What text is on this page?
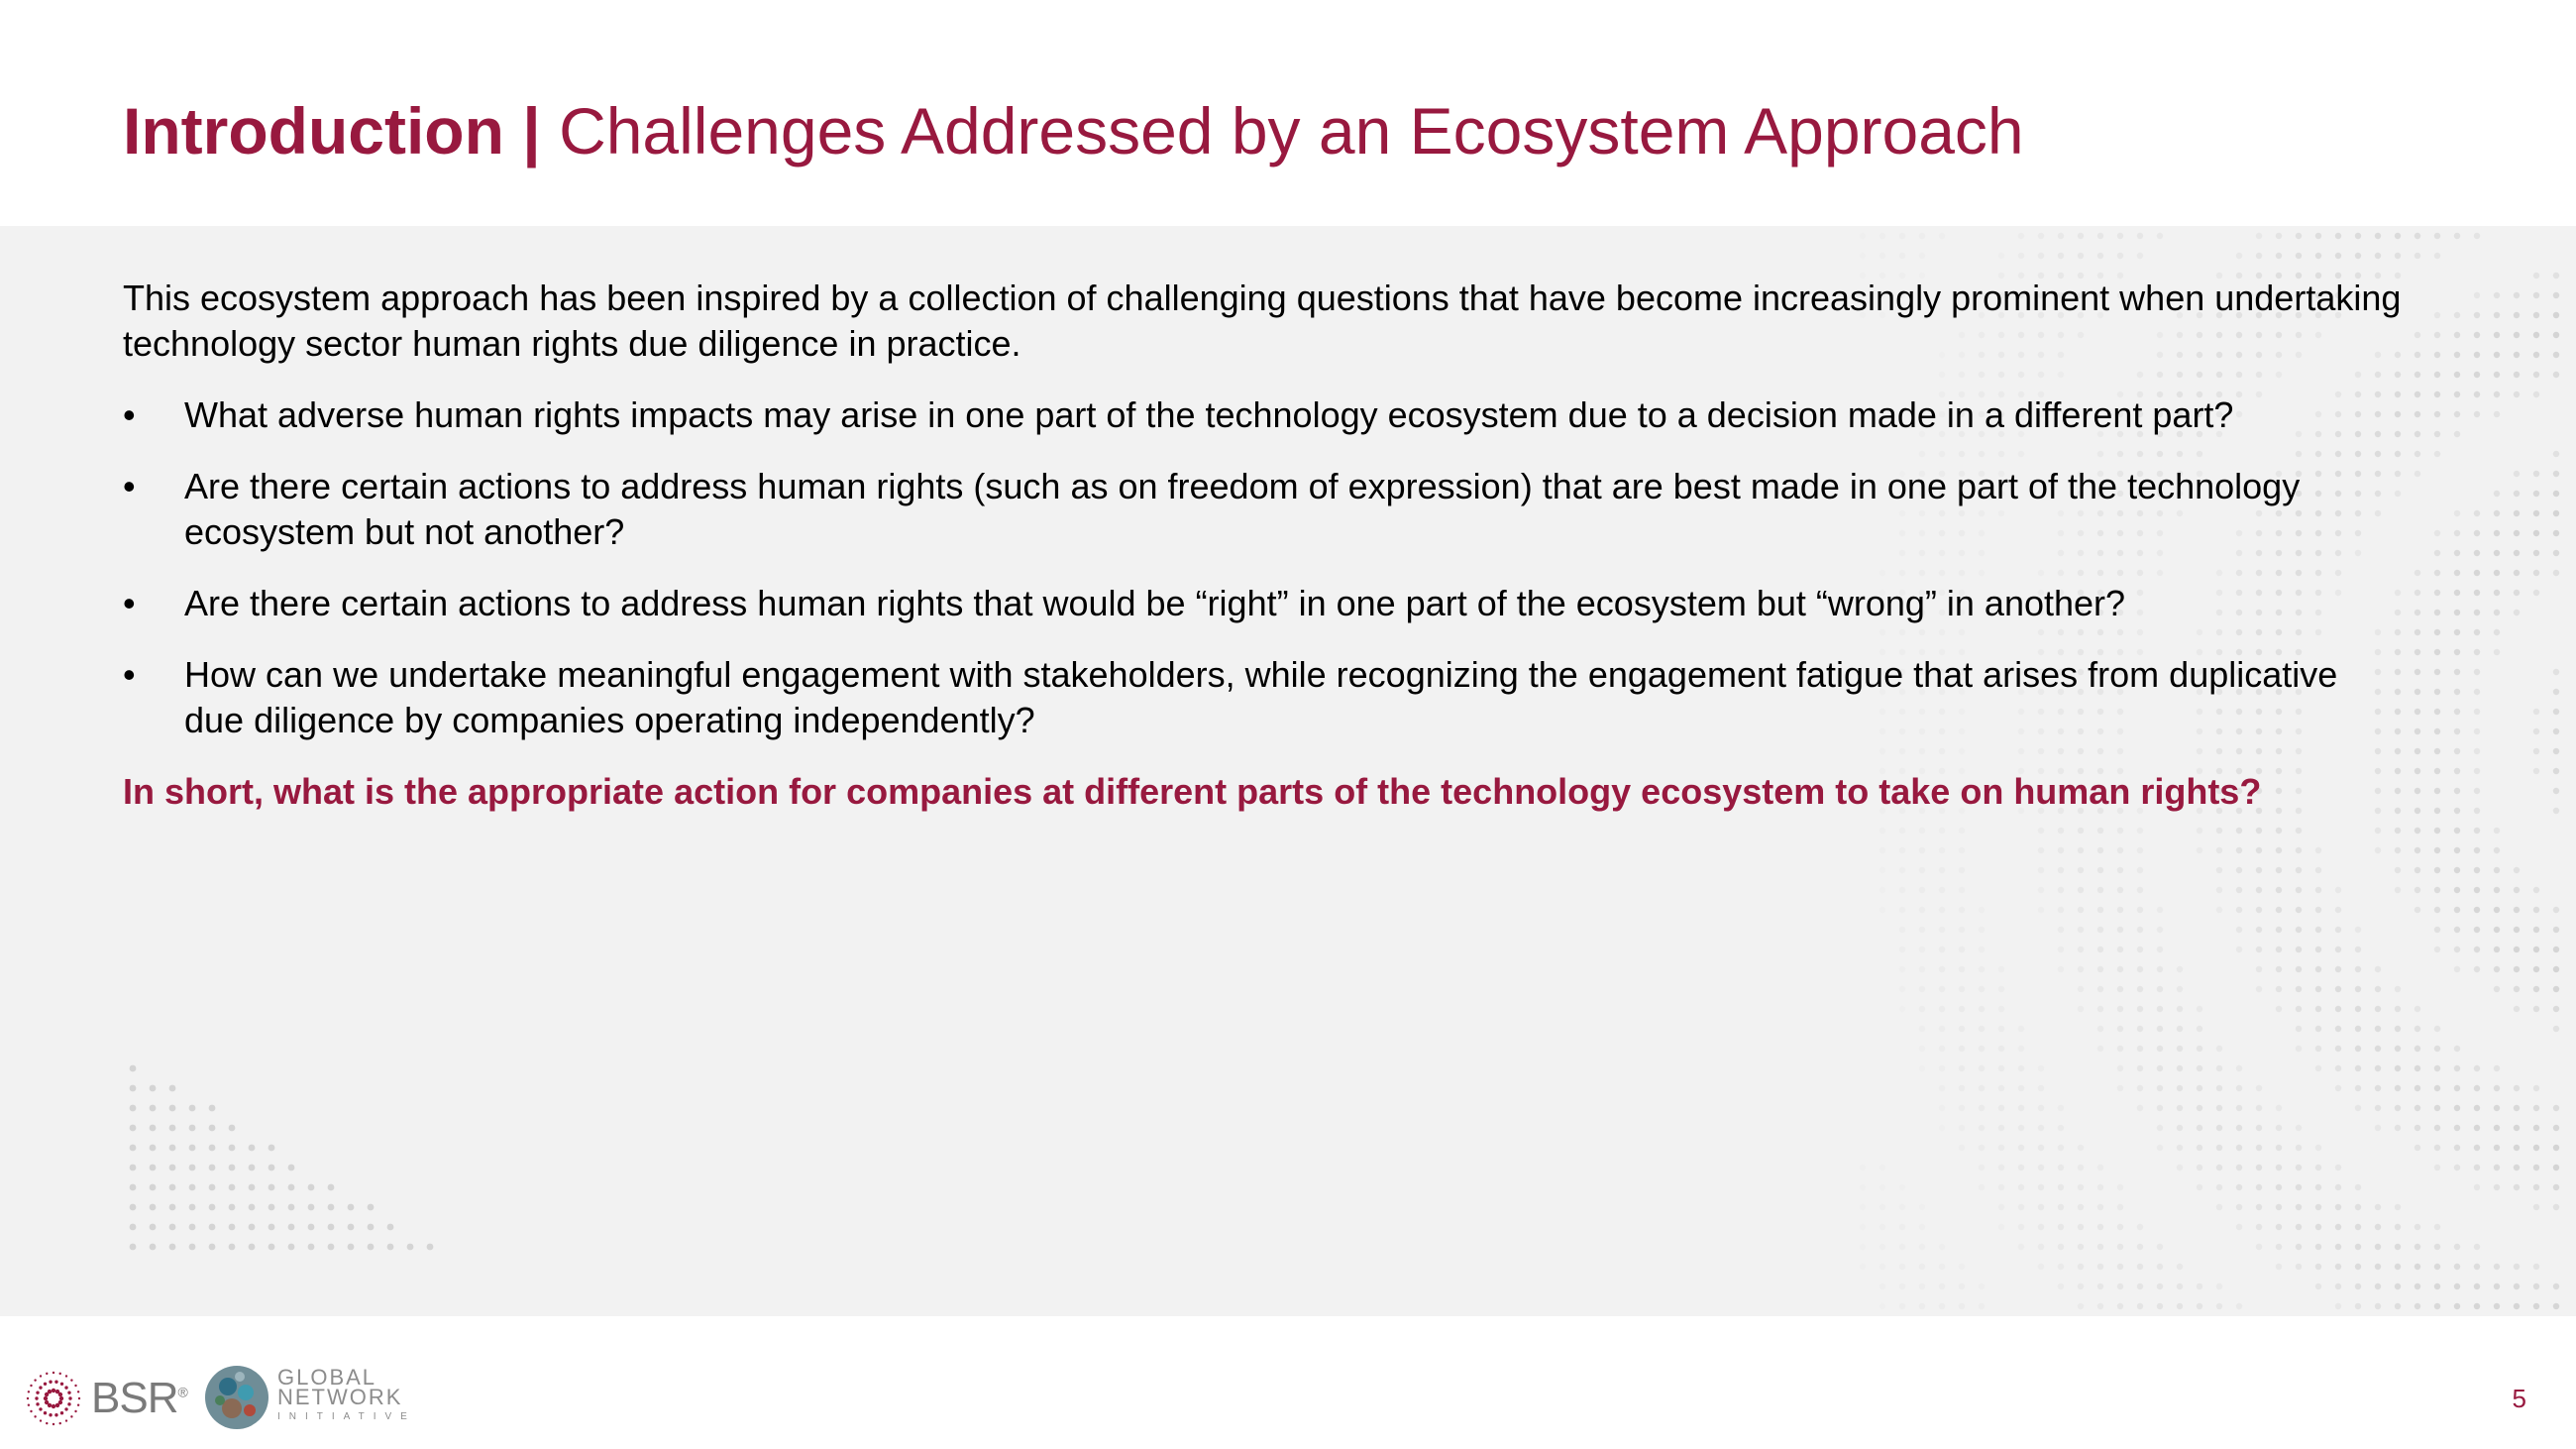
Introduction | Challenges Addressed by an Ecosystem Approach

This ecosystem approach has been inspired by a collection of challenging questions that have become increasingly prominent when undertaking technology sector human rights due diligence in practice.

• What adverse human rights impacts may arise in one part of the technology ecosystem due to a decision made in a different part?
• Are there certain actions to address human rights (such as on freedom of expression) that are best made in one part of the technology ecosystem but not another?
• Are there certain actions to address human rights that would be “right” in one part of the ecosystem but “wrong” in another?
• How can we undertake meaningful engagement with stakeholders, while recognizing the engagement fatigue that arises from duplicative due diligence by companies operating independently?

In short, what is the appropriate action for companies at different parts of the technology ecosystem to take on human rights?

BSR®
GLOBAL
NETWORK
INITIATIVE
5
